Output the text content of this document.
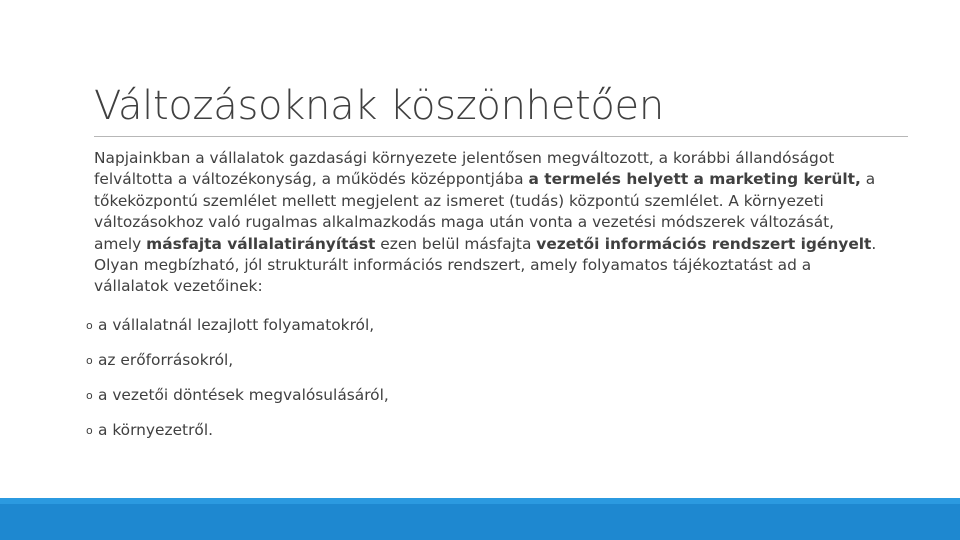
Változásoknak köszönhetően

Napjainkban a vállalatok gazdasági környezete jelentősen megváltozott, a korábbi állandóságot felváltotta a változékonyság, a működés középpontjába a termelés helyett a marketing került, a tőkeközpontú szemlélet mellett megjelent az ismeret (tudás) központú szemlélet. A környezeti változásokhoz való rugalmas alkalmazkodás maga után vonta a vezetési módszerek változását, amely másfajta vállalatirányítást ezen belül másfajta vezetői információs rendszert igényelt. Olyan megbízható, jól strukturált információs rendszert, amely folyamatos tájékoztatást ad a vállalatok vezetőinek:

o a vállalatnál lezajlott folyamatokról,
o az erőforrásokról,
o a vezetői döntések megvalósulásáról,
o a környezetről.
